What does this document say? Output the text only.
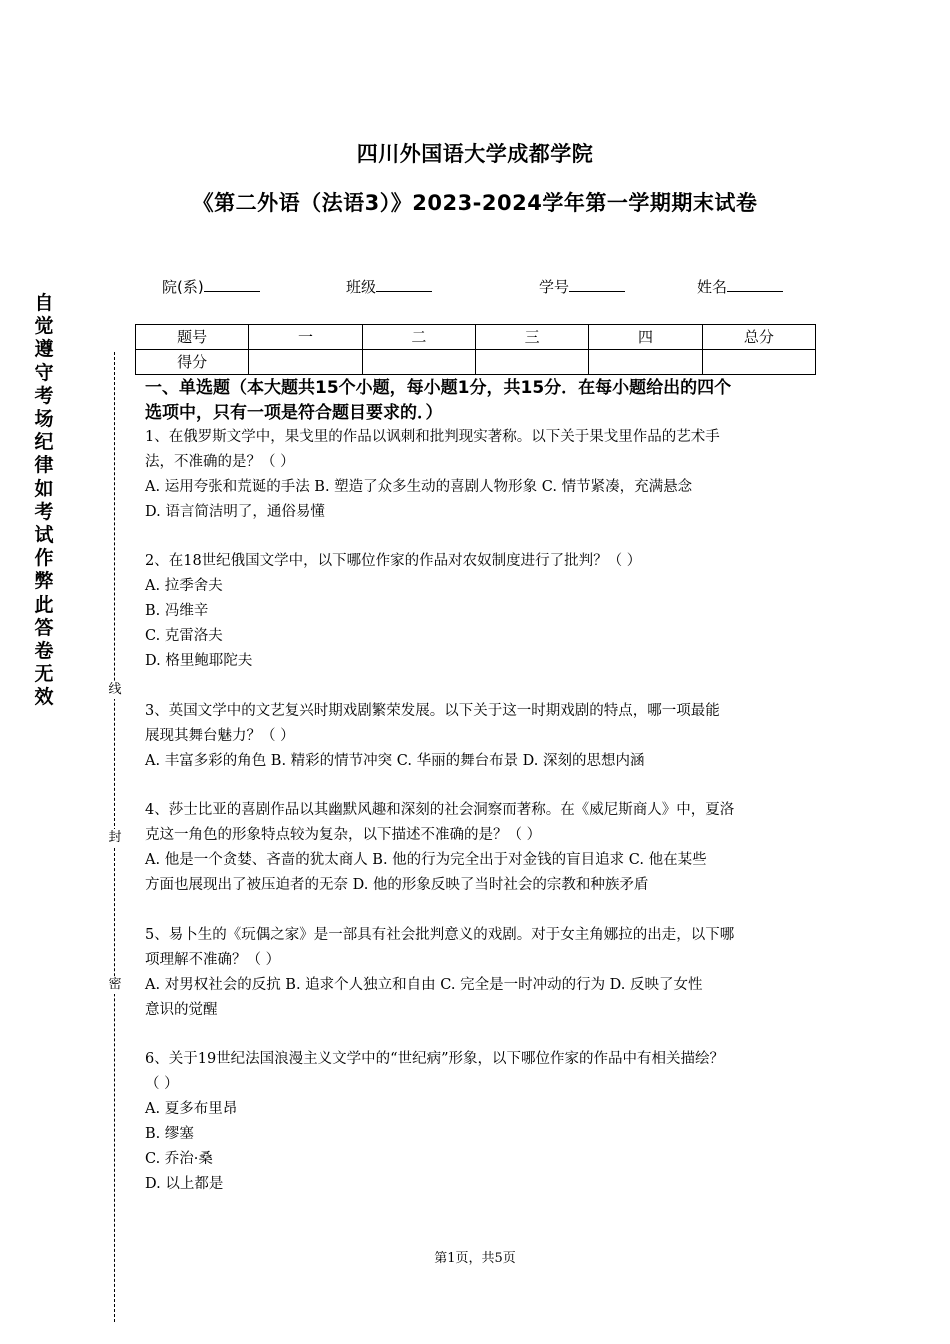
四川外国语大学成都学院
《第二外语（法语3）》2023-2024学年第一学期期末试卷
院(系)	班级	学号	姓名
题号	一	二	三	四	总分
得分					
自觉遵守考场纪律如考试作弊此答卷无效	线
封
密
一、单选题（本大题共15个小题，每小题1分，共15分．在每小题给出的四个
选项中，只有一项是符合题目要求的．）
1、在俄罗斯文学中，果戈里的作品以讽刺和批判现实著称。以下关于果戈里作品的艺术手
法，不准确的是？（ ）
A. 运用夸张和荒诞的手法 B. 塑造了众多生动的喜剧人物形象 C. 情节紧凑，充满悬念
D. 语言简洁明了，通俗易懂
2、在18世纪俄国文学中，以下哪位作家的作品对农奴制度进行了批判？（ ）
A. 拉季舍夫
B. 冯维辛
C. 克雷洛夫
D. 格里鲍耶陀夫
3、英国文学中的文艺复兴时期戏剧繁荣发展。以下关于这一时期戏剧的特点，哪一项最能
展现其舞台魅力？（ ）
A. 丰富多彩的角色 B. 精彩的情节冲突 C. 华丽的舞台布景 D. 深刻的思想内涵
4、莎士比亚的喜剧作品以其幽默风趣和深刻的社会洞察而著称。在《威尼斯商人》中，夏洛
克这一角色的形象特点较为复杂，以下描述不准确的是？（ ）
A. 他是一个贪婪、吝啬的犹太商人 B. 他的行为完全出于对金钱的盲目追求 C. 他在某些
方面也展现出了被压迫者的无奈 D. 他的形象反映了当时社会的宗教和种族矛盾
5、易卜生的《玩偶之家》是一部具有社会批判意义的戏剧。对于女主角娜拉的出走，以下哪
项理解不准确？（ ）
A. 对男权社会的反抗 B. 追求个人独立和自由 C. 完全是一时冲动的行为 D. 反映了女性
意识的觉醒
6、关于19世纪法国浪漫主义文学中的“世纪病”形象，以下哪位作家的作品中有相关描绘？
（ ）
A. 夏多布里昂
B. 缪塞
C. 乔治·桑
D. 以上都是
第1页，共5页
